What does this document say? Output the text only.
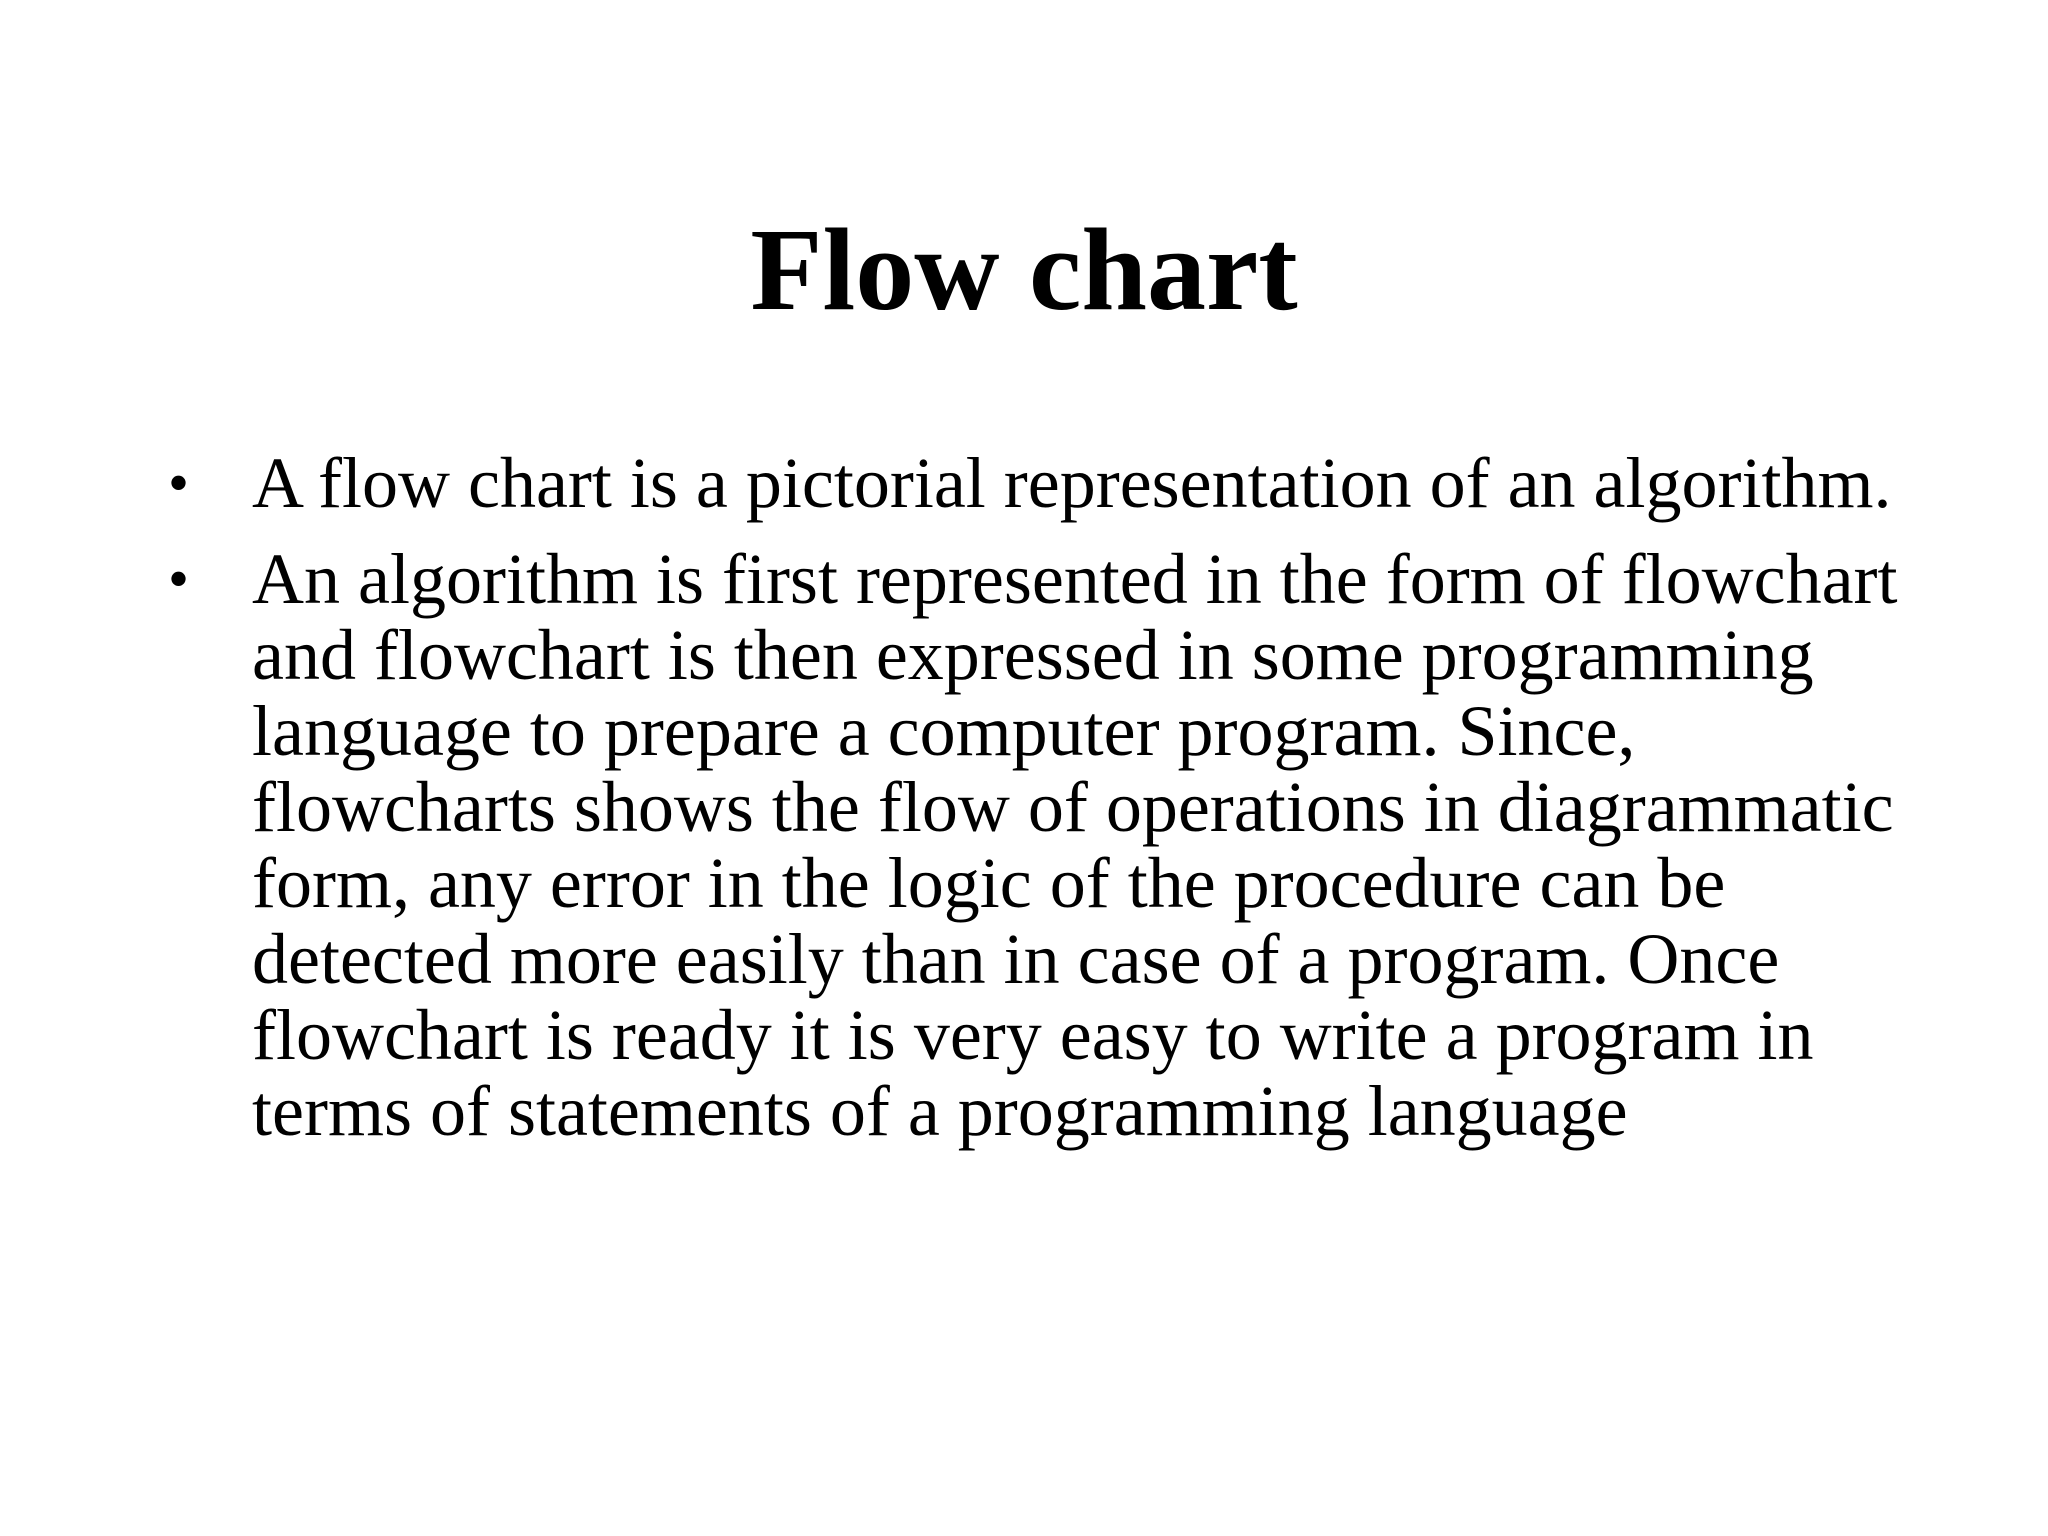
Flow chart
• A flow chart is a pictorial representation of an algorithm.
• An algorithm is first represented in the form of flowchart and flowchart is then expressed in some programming language to prepare a computer program. Since, flowcharts shows the flow of operations in diagrammatic form, any error in the logic of the procedure can be detected more easily than in case of a program. Once flowchart is ready it is very easy to write a program in terms of statements of a programming language
